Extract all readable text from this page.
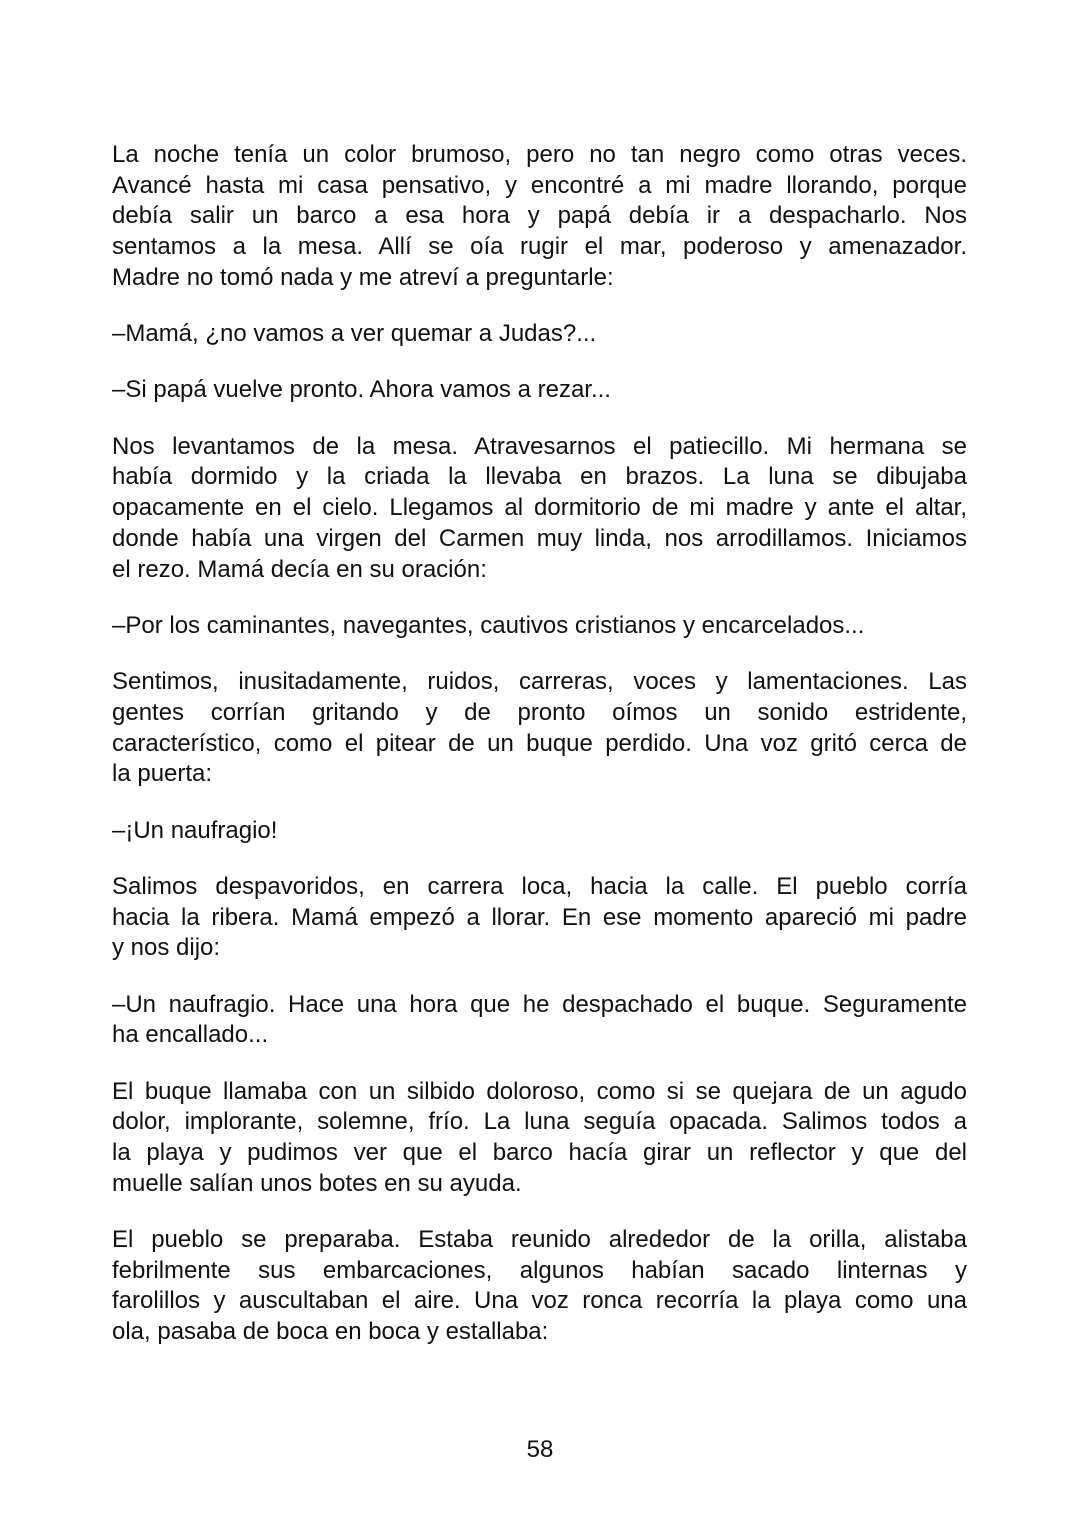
La noche tenía un color brumoso, pero no tan negro como otras veces.
Avancé hasta mi casa pensativo, y encontré a mi madre llorando, porque
debía salir un barco a esa hora y papá debía ir a despacharlo. Nos
sentamos a la mesa. Allí se oía rugir el mar, poderoso y amenazador.
Madre no tomó nada y me atreví a preguntarle:
–Mamá, ¿no vamos a ver quemar a Judas?...
–Si papá vuelve pronto. Ahora vamos a rezar...
Nos levantamos de la mesa. Atravesarnos el patiecillo. Mi hermana se
había dormido y la criada la llevaba en brazos. La luna se dibujaba
opacamente en el cielo. Llegamos al dormitorio de mi madre y ante el altar,
donde había una virgen del Carmen muy linda, nos arrodillamos. Iniciamos
el rezo. Mamá decía en su oración:
–Por los caminantes, navegantes, cautivos cristianos y encarcelados...
Sentimos, inusitadamente, ruidos, carreras, voces y lamentaciones. Las
gentes corrían gritando y de pronto oímos un sonido estridente,
característico, como el pitear de un buque perdido. Una voz gritó cerca de
la puerta:
–¡Un naufragio!
Salimos despavoridos, en carrera loca, hacia la calle. El pueblo corría
hacia la ribera. Mamá empezó a llorar. En ese momento apareció mi padre
y nos dijo:
–Un naufragio. Hace una hora que he despachado el buque. Seguramente
ha encallado...
El buque llamaba con un silbido doloroso, como si se quejara de un agudo
dolor, implorante, solemne, frío. La luna seguía opacada. Salimos todos a
la playa y pudimos ver que el barco hacía girar un reflector y que del
muelle salían unos botes en su ayuda.
El pueblo se preparaba. Estaba reunido alrededor de la orilla, alistaba
febrilmente sus embarcaciones, algunos habían sacado linternas y
farolillos y auscultaban el aire. Una voz ronca recorría la playa como una
ola, pasaba de boca en boca y estallaba:
58
